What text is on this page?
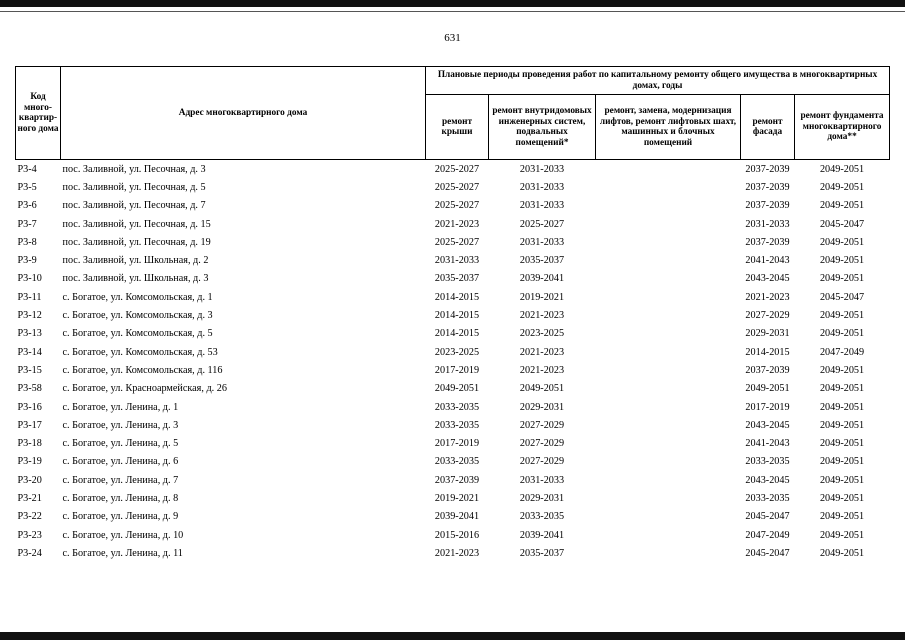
631
Код много-квартир-ного дома	Адрес многоквартирного дома	Плановые периоды проведения работ по капитальному ремонту общего имущества в многоквартирных домах, годы				
		ремонт крыши	ремонт внутридомовых инженерных систем, подвальных помещений*	ремонт, замена, модернизация лифтов, ремонт лифтовых шахт, машинных и блочных помещений	ремонт фасада	ремонт фундамента многоквартирного дома**
Р3-4	пос. Заливной, ул. Песочная, д. 3	2025-2027	2031-2033		2037-2039	2049-2051
Р3-5	пос. Заливной, ул. Песочная, д. 5	2025-2027	2031-2033		2037-2039	2049-2051
Р3-6	пос. Заливной, ул. Песочная, д. 7	2025-2027	2031-2033		2037-2039	2049-2051
Р3-7	пос. Заливной, ул. Песочная, д. 15	2021-2023	2025-2027		2031-2033	2045-2047
Р3-8	пос. Заливной, ул. Песочная, д. 19	2025-2027	2031-2033		2037-2039	2049-2051
Р3-9	пос. Заливной, ул. Школьная, д. 2	2031-2033	2035-2037		2041-2043	2049-2051
Р3-10	пос. Заливной, ул. Школьная, д. 3	2035-2037	2039-2041		2043-2045	2049-2051
Р3-11	с. Богатое, ул. Комсомольская, д. 1	2014-2015	2019-2021		2021-2023	2045-2047
Р3-12	с. Богатое, ул. Комсомольская, д. 3	2014-2015	2021-2023		2027-2029	2049-2051
Р3-13	с. Богатое, ул. Комсомольская, д. 5	2014-2015	2023-2025		2029-2031	2049-2051
Р3-14	с. Богатое, ул. Комсомольская, д. 53	2023-2025	2021-2023		2014-2015	2047-2049
Р3-15	с. Богатое, ул. Комсомольская, д. 116	2017-2019	2021-2023		2037-2039	2049-2051
Р3-58	с. Богатое, ул. Красноармейская, д. 26	2049-2051	2049-2051		2049-2051	2049-2051
Р3-16	с. Богатое, ул. Ленина, д. 1	2033-2035	2029-2031		2017-2019	2049-2051
Р3-17	с. Богатое, ул. Ленина, д. 3	2033-2035	2027-2029		2043-2045	2049-2051
Р3-18	с. Богатое, ул. Ленина, д. 5	2017-2019	2027-2029		2041-2043	2049-2051
Р3-19	с. Богатое, ул. Ленина, д. 6	2033-2035	2027-2029		2033-2035	2049-2051
Р3-20	с. Богатое, ул. Ленина, д. 7	2037-2039	2031-2033		2043-2045	2049-2051
Р3-21	с. Богатое, ул. Ленина, д. 8	2019-2021	2029-2031		2033-2035	2049-2051
Р3-22	с. Богатое, ул. Ленина, д. 9	2039-2041	2033-2035		2045-2047	2049-2051
Р3-23	с. Богатое, ул. Ленина, д. 10	2015-2016	2039-2041		2047-2049	2049-2051
Р3-24	с. Богатое, ул. Ленина, д. 11	2021-2023	2035-2037		2045-2047	2049-2051
